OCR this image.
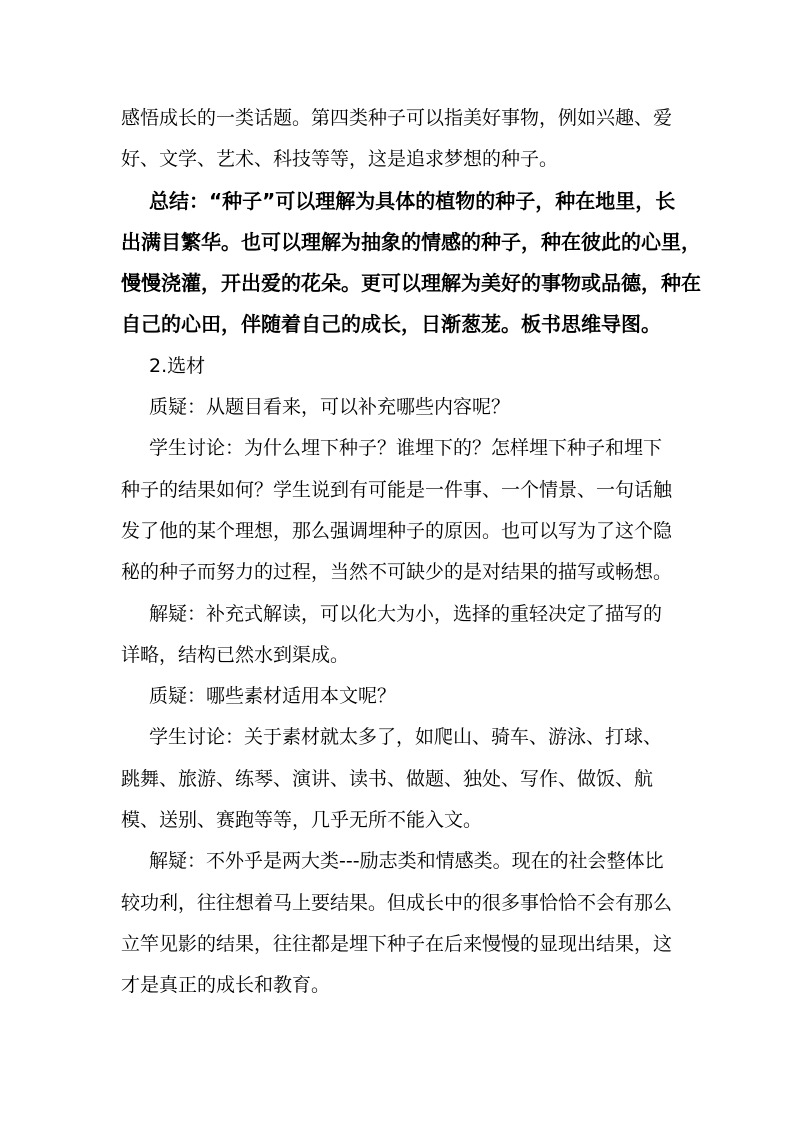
感悟成长的一类话题。第四类种子可以指美好事物，例如兴趣、爱
好、文学、艺术、科技等等，这是追求梦想的种子。
总结：“种子”可以理解为具体的植物的种子，种在地里，长
出满目繁华。也可以理解为抽象的情感的种子，种在彼此的心里，
慢慢浇灌，开出爱的花朵。更可以理解为美好的事物或品德，种在
自己的心田，伴随着自己的成长，日渐葱茏。板书思维导图。
2.选材
质疑：从题目看来，可以补充哪些内容呢？
学生讨论：为什么埋下种子？谁埋下的？怎样埋下种子和埋下
种子的结果如何？学生说到有可能是一件事、一个情景、一句话触
发了他的某个理想，那么强调埋种子的原因。也可以写为了这个隐
秘的种子而努力的过程，当然不可缺少的是对结果的描写或畅想。
解疑：补充式解读，可以化大为小，选择的重轻决定了描写的
详略，结构已然水到渠成。
质疑：哪些素材适用本文呢？
学生讨论：关于素材就太多了，如爬山、骑车、游泳、打球、
跳舞、旅游、练琴、演讲、读书、做题、独处、写作、做饭、航
模、送别、赛跑等等，几乎无所不能入文。
解疑：不外乎是两大类---励志类和情感类。现在的社会整体比
较功利，往往想着马上要结果。但成长中的很多事恰恰不会有那么
立竿见影的结果，往往都是埋下种子在后来慢慢的显现出结果，这
才是真正的成长和教育。
